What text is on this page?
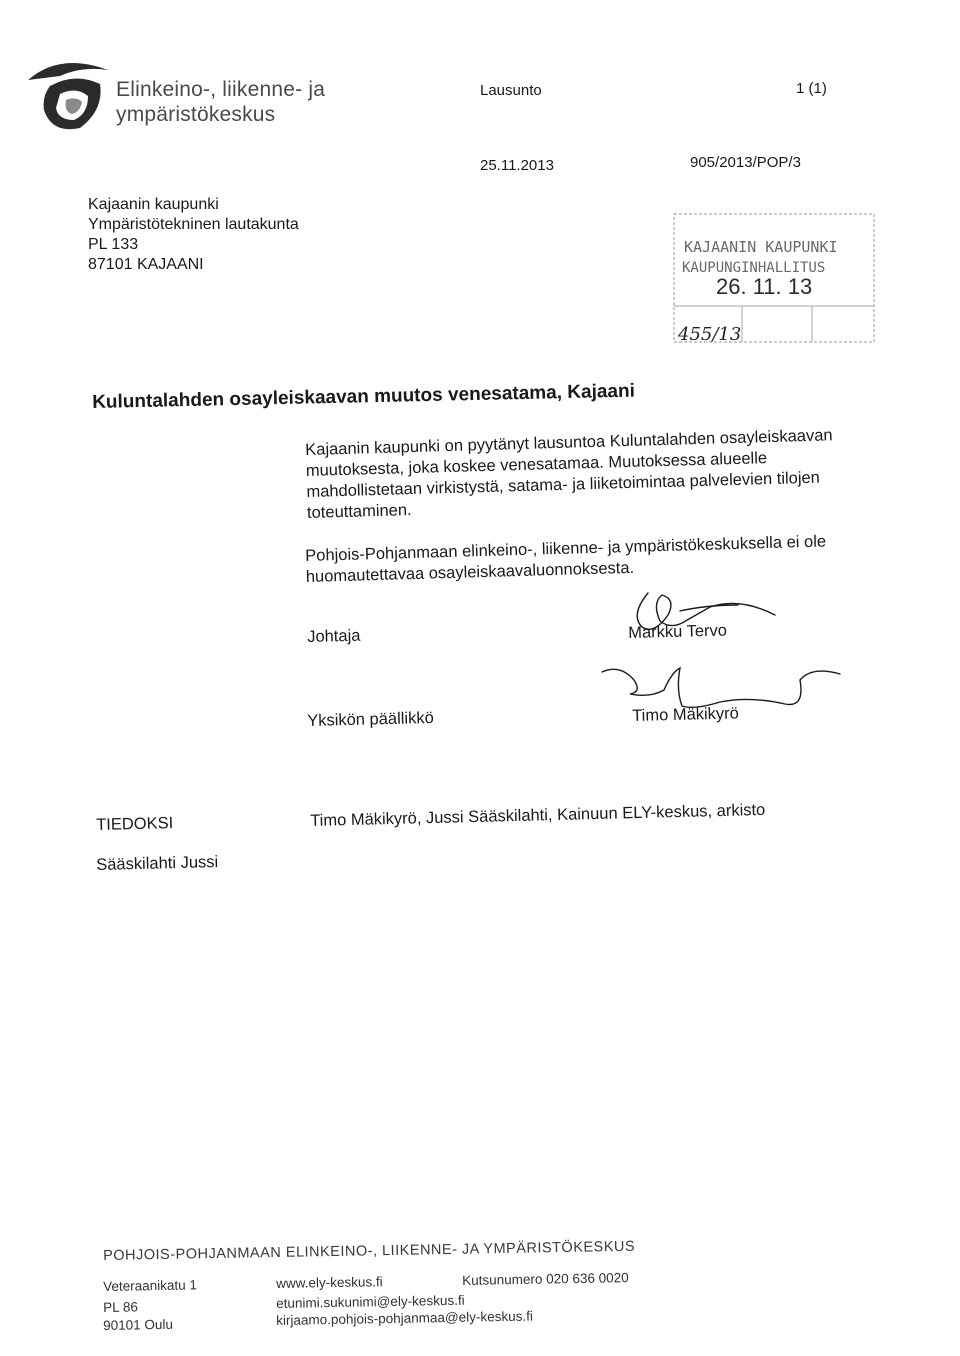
Elinkeino-, liikenne- ja
ympäristökeskus
Lausunto	1 (1)
25.11.2013	905/2013/POP/3
Kajaanin kaupunki
Ympäristötekninen lautakunta
PL 133
87101 KAJAANI
KAJAANIN KAUPUNKI
KAUPUNGINHALLITUS
26. 11. 13
455/13
Kuluntalahden osayleiskaavan muutos venesatama, Kajaani
Kajaanin kaupunki on pyytänyt lausuntoa Kuluntalahden osayleiskaavan muutoksesta, joka koskee venesatamaa. Muutoksessa alueelle mahdollistetaan virkistystä, satama- ja liiketoimintaa palvelevien tilojen toteuttaminen.
Pohjois-Pohjanmaan elinkeino-, liikenne- ja ympäristökeskuksella ei ole huomautettavaa osayleiskaavaluonnoksesta.
Johtaja	Markku Tervo
Yksikön päällikkö	Timo Mäkikyrö
TIEDOKSI	Timo Mäkikyrö, Jussi Sääskilahti, Kainuun ELY-keskus, arkisto
Sääskilahti Jussi
POHJOIS-POHJANMAAN ELINKEINO-, LIIKENNE- JA YMPÄRISTÖKESKUS
Veteraanikatu 1
PL 86
90101 Oulu
www.ely-keskus.fi
etunimi.sukunimi@ely-keskus.fi
kirjaamo.pohjois-pohjanmaa@ely-keskus.fi
Kutsunumero 020 636 0020
